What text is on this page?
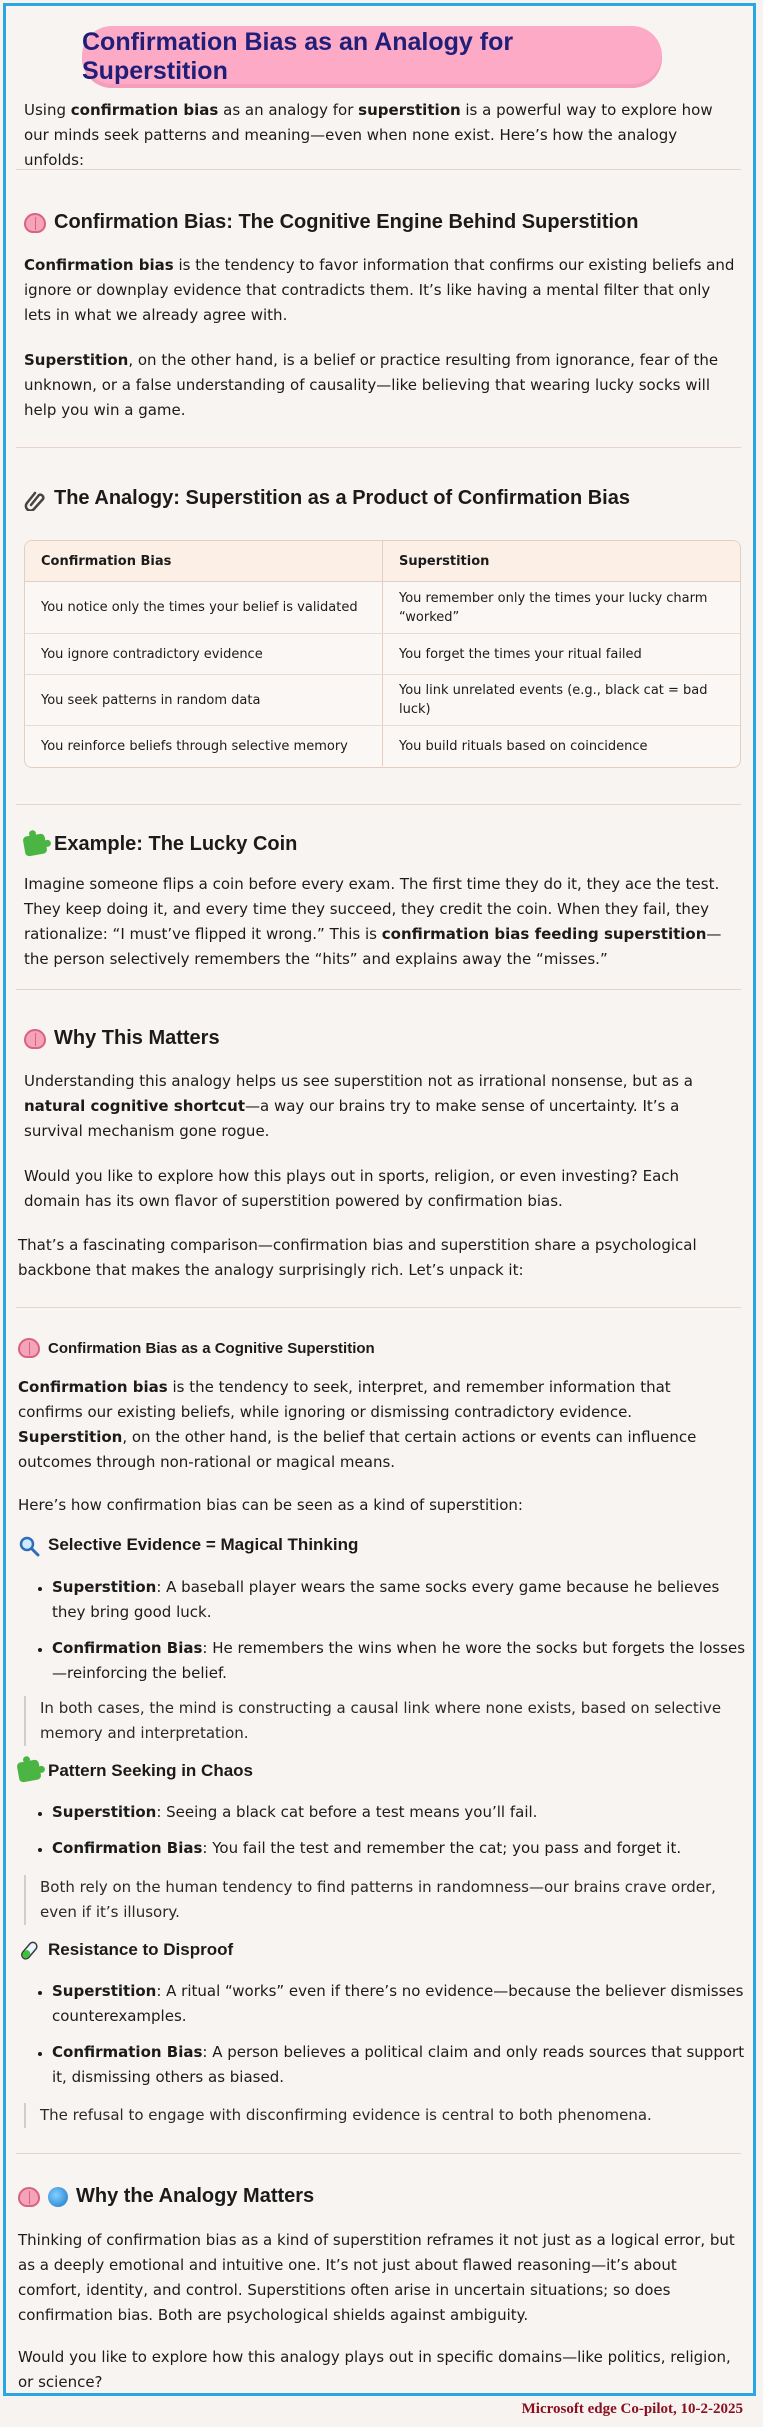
Confirmation Bias as an Analogy for Superstition

Using confirmation bias as an analogy for superstition is a powerful way to explore how our minds seek patterns and meaning—even when none exist. Here’s how the analogy unfolds:

Confirmation Bias: The Cognitive Engine Behind Superstition

Confirmation bias is the tendency to favor information that confirms our existing beliefs and ignore or downplay evidence that contradicts them. It’s like having a mental filter that only lets in what we already agree with.

Superstition, on the other hand, is a belief or practice resulting from ignorance, fear of the unknown, or a false understanding of causality—like believing that wearing lucky socks will help you win a game.

The Analogy: Superstition as a Product of Confirmation Bias
Confirmation Bias	Superstition
You notice only the times your belief is validated	You remember only the times your lucky charm “worked”
You ignore contradictory evidence	You forget the times your ritual failed
You seek patterns in random data	You link unrelated events (e.g., black cat = bad luck)
You reinforce beliefs through selective memory	You build rituals based on coincidence
Example: The Lucky Coin

Imagine someone flips a coin before every exam. The first time they do it, they ace the test. They keep doing it, and every time they succeed, they credit the coin. When they fail, they rationalize: “I must’ve flipped it wrong.” This is confirmation bias feeding superstition—the person selectively remembers the “hits” and explains away the “misses.”

Why This Matters

Understanding this analogy helps us see superstition not as irrational nonsense, but as a natural cognitive shortcut—a way our brains try to make sense of uncertainty. It’s a survival mechanism gone rogue.

Would you like to explore how this plays out in sports, religion, or even investing? Each domain has its own flavor of superstition powered by confirmation bias.

That’s a fascinating comparison—confirmation bias and superstition share a psychological backbone that makes the analogy surprisingly rich. Let’s unpack it:

Confirmation Bias as a Cognitive Superstition

Confirmation bias is the tendency to seek, interpret, and remember information that confirms our existing beliefs, while ignoring or dismissing contradictory evidence. Superstition, on the other hand, is the belief that certain actions or events can influence outcomes through non-rational or magical means.

Here’s how confirmation bias can be seen as a kind of superstition:

Selective Evidence = Magical Thinking
• Superstition: A baseball player wears the same socks every game because he believes they bring good luck.
• Confirmation Bias: He remembers the wins when he wore the socks but forgets the losses—reinforcing the belief.
In both cases, the mind is constructing a causal link where none exists, based on selective memory and interpretation.
Pattern Seeking in Chaos
• Superstition: Seeing a black cat before a test means you’ll fail.
• Confirmation Bias: You fail the test and remember the cat; you pass and forget it.
Both rely on the human tendency to find patterns in randomness—our brains crave order, even if it’s illusory.
Resistance to Disproof
• Superstition: A ritual “works” even if there’s no evidence—because the believer dismisses counterexamples.
• Confirmation Bias: A person believes a political claim and only reads sources that support it, dismissing others as biased.
The refusal to engage with disconfirming evidence is central to both phenomena.
Why the Analogy Matters

Thinking of confirmation bias as a kind of superstition reframes it not just as a logical error, but as a deeply emotional and intuitive one. It’s not just about flawed reasoning—it’s about comfort, identity, and control. Superstitions often arise in uncertain situations; so does confirmation bias. Both are psychological shields against ambiguity.

Would you like to explore how this analogy plays out in specific domains—like politics, religion, or science?

Microsoft edge Co-pilot, 10-2-2025
